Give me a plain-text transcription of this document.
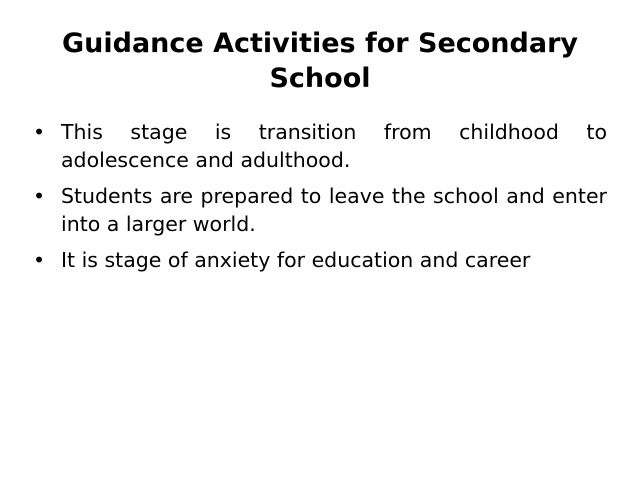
Guidance Activities for Secondary School
• This stage is transition from childhood to adolescence and adulthood.
• Students are prepared to leave the school and enter into a larger world.
• It is stage of anxiety for education and career
